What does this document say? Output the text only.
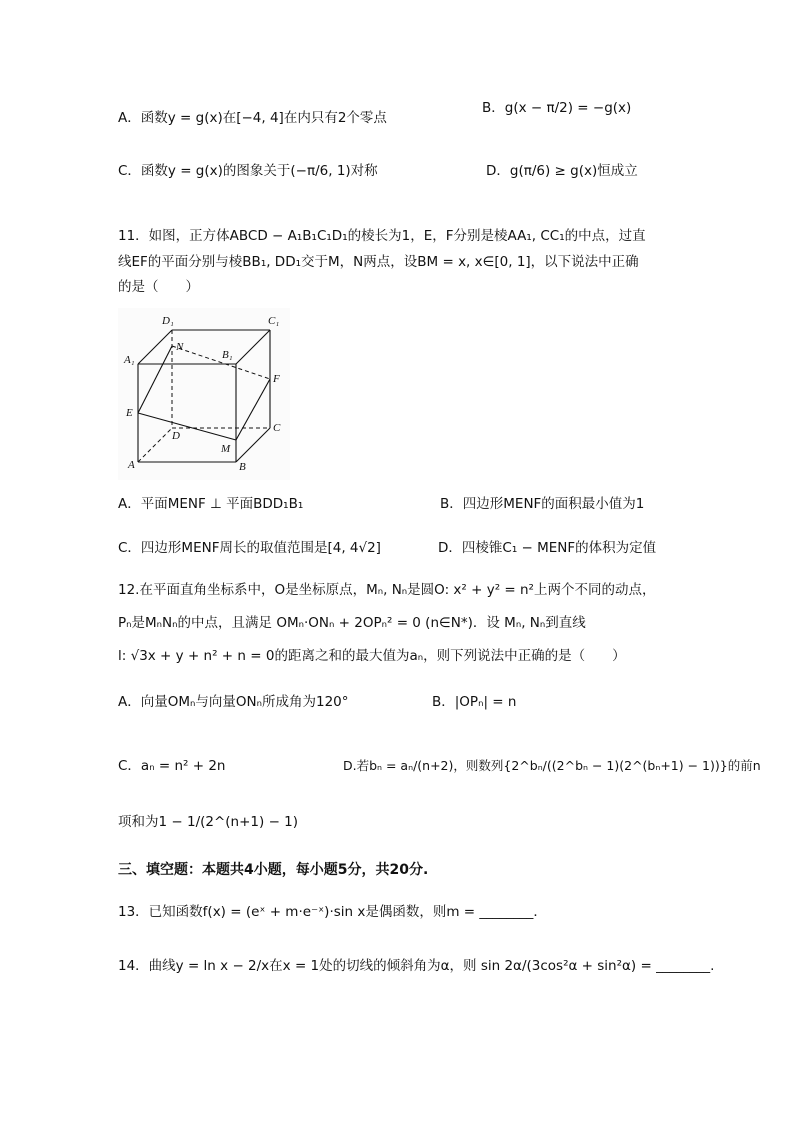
A．函数y = g(x)在[−4, 4]在内只有2个零点
B．g(x − π/2) = −g(x)
C．函数y = g(x)的图象关于(−π/6, 1)对称	D．g(π/6) ≥ g(x)恒成立
11．如图，正方体ABCD − A₁B₁C₁D₁的棱长为1，E，F分别是棱AA₁, CC₁的中点，过直
线EF的平面分别与棱BB₁, DD₁交于M，N两点，设BM = x, x∈[0, 1]，以下说法中正确
的是（　　）
D₁	C₁
A₁	B₁
N
F
E
D
C
M
A	B
A．平面MENF ⊥ 平面BDD₁B₁	B．四边形MENF的面积最小值为1
C．四边形MENF周长的取值范围是[4, 4√2]	D．四棱锥C₁ − MENF的体积为定值
12.在平面直角坐标系中，O是坐标原点，Mₙ, Nₙ是圆O: x² + y² = n²上两个不同的动点，
Pₙ是MₙNₙ的中点，且满足 OMₙ·ONₙ + 2OPₙ² = 0 (n∈N*)．设 Mₙ, Nₙ到直线
l: √3x + y + n² + n = 0的距离之和的最大值为aₙ，则下列说法中正确的是（　　）
A．向量OMₙ与向量ONₙ所成角为120°	B．|OPₙ| = n
C．aₙ = n² + 2n	D.若bₙ = aₙ/(n+2)，则数列{2^bₙ/((2^bₙ − 1)(2^(bₙ+1) − 1))}的前n
项和为1 − 1/(2^(n+1) − 1)
三、填空题：本题共4小题，每小题5分，共20分.
13．已知函数f(x) = (eˣ + m·e⁻ˣ)·sin x是偶函数，则m = ________．
14．曲线y = ln x − 2/x在x = 1处的切线的倾斜角为α，则 sin 2α/(3cos²α + sin²α) = ________.
